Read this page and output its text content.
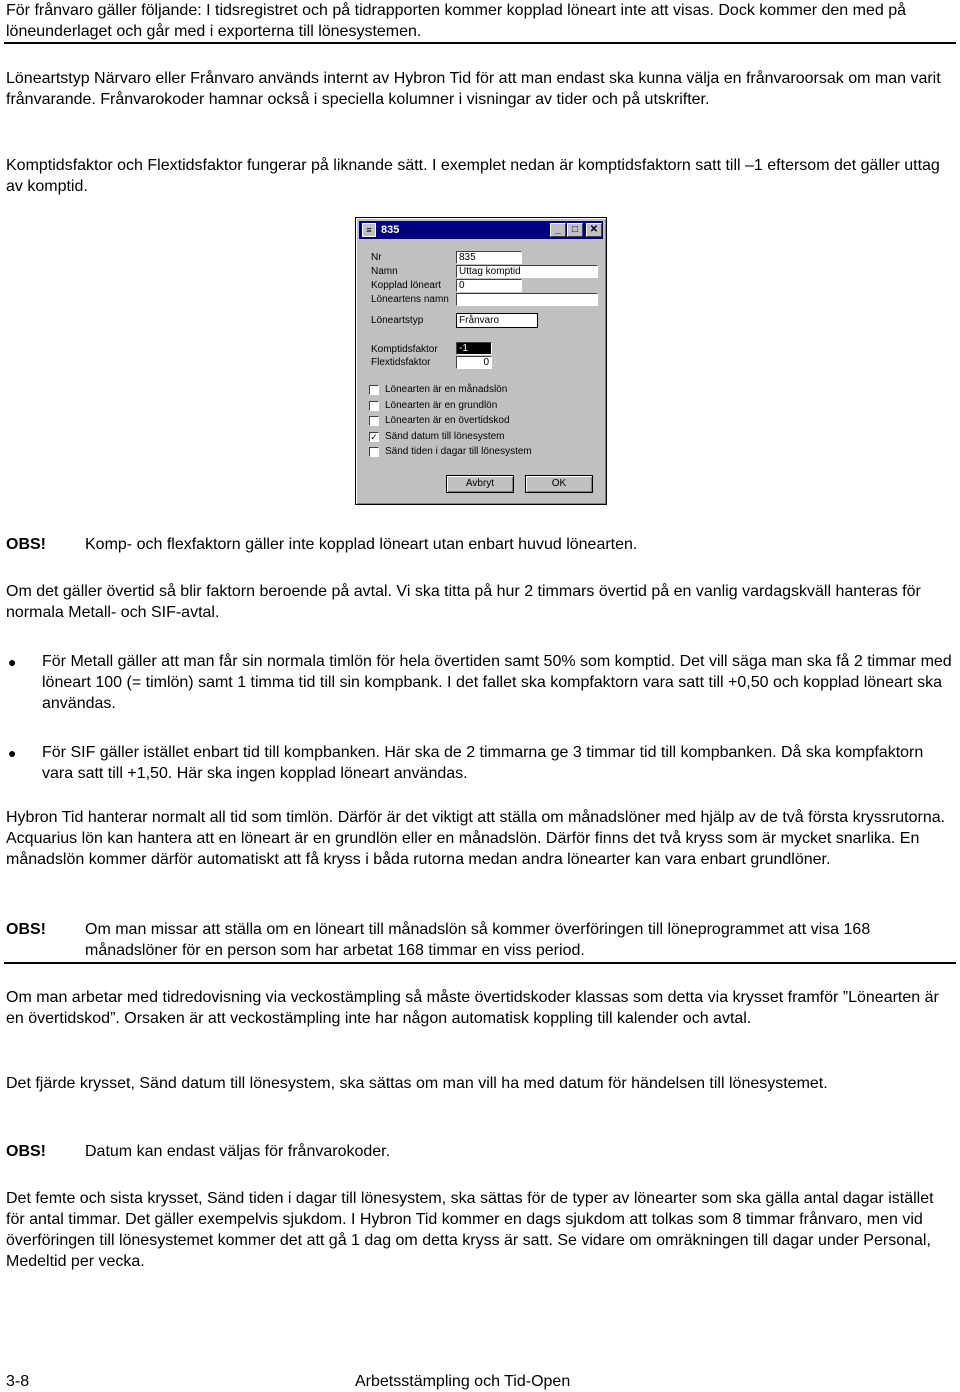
För frånvaro gäller följande: I tidsregistret och på tidrapporten kommer kopplad löneart inte att visas. Dock kommer den med på löneunderlaget och går med i exporterna till lönesystemen.

Löneartstyp Närvaro eller Frånvaro används internt av Hybron Tid för att man endast ska kunna välja en frånvaroorsak om man varit frånvarande. Frånvarokoder hamnar också i speciella kolumner i visningar av tider och på utskrifter.

Komptidsfaktor och Flextidsfaktor fungerar på liknande sätt. I exemplet nedan är komptidsfaktorn satt till –1 eftersom det gäller uttag av komptid.

≡ 835	_	□	✕
Nr	835
Namn	Uttag komptid
Kopplad löneart	0
Löneartens namn
Löneartstyp	Frånvaro
Komptidsfaktor	-1
Flextidsfaktor	0
Lönearten är en månadslön
Lönearten är en grundlön
Lönearten är en övertidskod
✓ Sänd datum till lönesystem
Sänd tiden i dagar till lönesystem
Avbryt	OK
OBS! Komp- och flexfaktorn gäller inte kopplad löneart utan enbart huvud lönearten.

Om det gäller övertid så blir faktorn beroende på avtal. Vi ska titta på hur 2 timmars övertid på en vanlig vardagskväll hanteras för normala Metall- och SIF-avtal.

● För Metall gäller att man får sin normala timlön för hela övertiden samt 50% som komptid. Det vill säga man ska få 2 timmar med löneart 100 (= timlön) samt 1 timma tid till sin kompbank. I det fallet ska kompfaktorn vara satt till +0,50 och kopplad löneart ska användas.

● För SIF gäller istället enbart tid till kompbanken. Här ska de 2 timmarna ge 3 timmar tid till kompbanken. Då ska kompfaktorn vara satt till +1,50. Här ska ingen kopplad löneart användas.

Hybron Tid hanterar normalt all tid som timlön. Därför är det viktigt att ställa om månadslöner med hjälp av de två första kryssrutorna. Acquarius lön kan hantera att en löneart är en grundlön eller en månadslön. Därför finns det två kryss som är mycket snarlika. En månadslön kommer därför automatiskt att få kryss i båda rutorna medan andra lönearter kan vara enbart grundlöner.

OBS! Om man missar att ställa om en löneart till månadslön så kommer överföringen till löneprogrammet att visa 168 månadslöner för en person som har arbetat 168 timmar en viss period.

Om man arbetar med tidredovisning via veckostämpling så måste övertidskoder klassas som detta via krysset framför ”Lönearten är en övertidskod”. Orsaken är att veckostämpling inte har någon automatisk koppling till kalender och avtal.

Det fjärde krysset, Sänd datum till lönesystem, ska sättas om man vill ha med datum för händelsen till lönesystemet.

OBS! Datum kan endast väljas för frånvarokoder.

Det femte och sista krysset, Sänd tiden i dagar till lönesystem, ska sättas för de typer av lönearter som ska gälla antal dagar istället för antal timmar. Det gäller exempelvis sjukdom. I Hybron Tid kommer en dags sjukdom att tolkas som 8 timmar frånvaro, men vid överföringen till lönesystemet kommer det att gå 1 dag om detta kryss är satt. Se vidare om omräkningen till dagar under Personal, Medeltid per vecka.

3-8	Arbetsstämpling och Tid-Open
